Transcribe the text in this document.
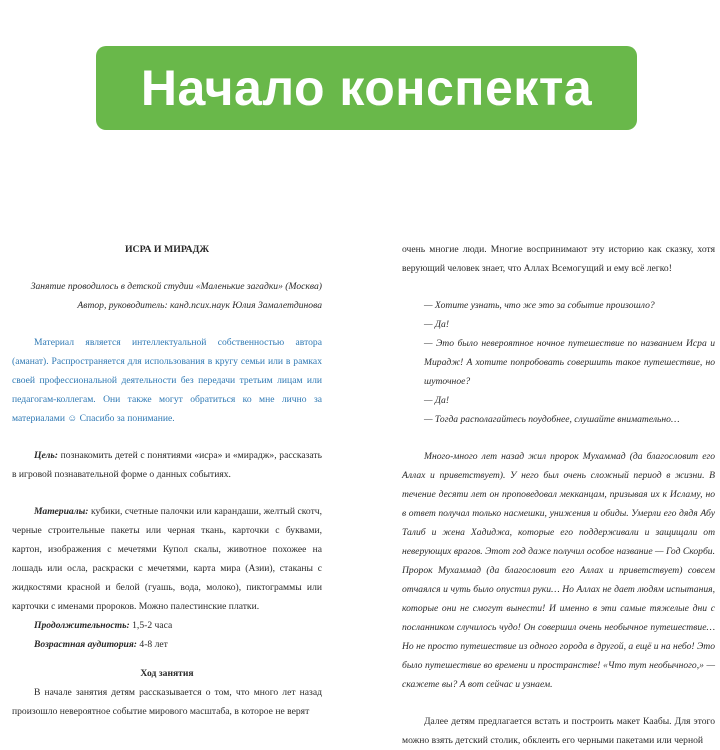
Начало конспекта

ИСРА И МИРАДЖ

Занятие проводилось в детской студии «Маленькие загадки» (Москва)

Автор, руководитель: канд.псих.наук Юлия Замалетдинова

Материал является интеллектуальной собственностью автора (аманат). Распространяется для использования в кругу семьи или в рамках своей профессиональной деятельности без передачи третьим лицам или педагогам-коллегам. Они также могут обратиться ко мне лично за материалами ☺ Спасибо за понимание.

Цель: познакомить детей с понятиями «исра» и «мирадж», рассказать в игровой познавательной форме о данных событиях.

Материалы: кубики, счетные палочки или карандаши, желтый скотч, черные строительные пакеты или черная ткань, карточки с буквами, картон, изображения с мечетями Купол скалы, животное похожее на лошадь или осла, раскраски с мечетями, карта мира (Азии), стаканы с жидкостями красной и белой (гуашь, вода, молоко), пиктограммы или карточки с именами пророков. Можно палестинские платки.

Продолжительность: 1,5-2 часа

Возрастная аудитория: 4-8 лет

Ход занятия

В начале занятия детям рассказывается о том, что много лет назад произошло невероятное событие мирового масштаба, в которое не верят

очень многие люди. Многие воспринимают эту историю как сказку, хотя верующий человек знает, что Аллах Всемогущий и ему всё легко!

— Хотите узнать, что же это за событие произошло?

— Да!

— Это было невероятное ночное путешествие по названием Исра и Мирадж! А хотите попробовать совершить такое путешествие, но шуточное?

— Да!

— Тогда располагайтесь поудобнее, слушайте внимательно…

Много-много лет назад жил пророк Мухаммад (да благословит его Аллах и приветствует). У него был очень сложный период в жизни. В течение десяти лет он проповедовал мекканцам, призывая их к Исламу, но в ответ получал только насмешки, унижения и обиды. Умерли его дядя Абу Талиб и жена Хадиджа, которые его поддерживали и защищали от неверующих врагов. Этот год даже получил особое название — Год Скорби. Пророк Мухаммад (да благословит его Аллах и приветствует) совсем отчаялся и чуть было опустил руки… Но Аллах не дает людям испытания, которые они не смогут вынести! И именно в эти самые тяжелые дни с посланником случилось чудо! Он совершил очень необычное путешествие… Но не просто путешествие из одного города в другой, а ещё и на небо! Это было путешествие во времени и пространстве! «Что тут необычного,» — скажете вы? А вот сейчас и узнаем.

Далее детям предлагается встать и построить макет Каабы. Для этого можно взять детский столик, обклеить его черными пакетами или черной
